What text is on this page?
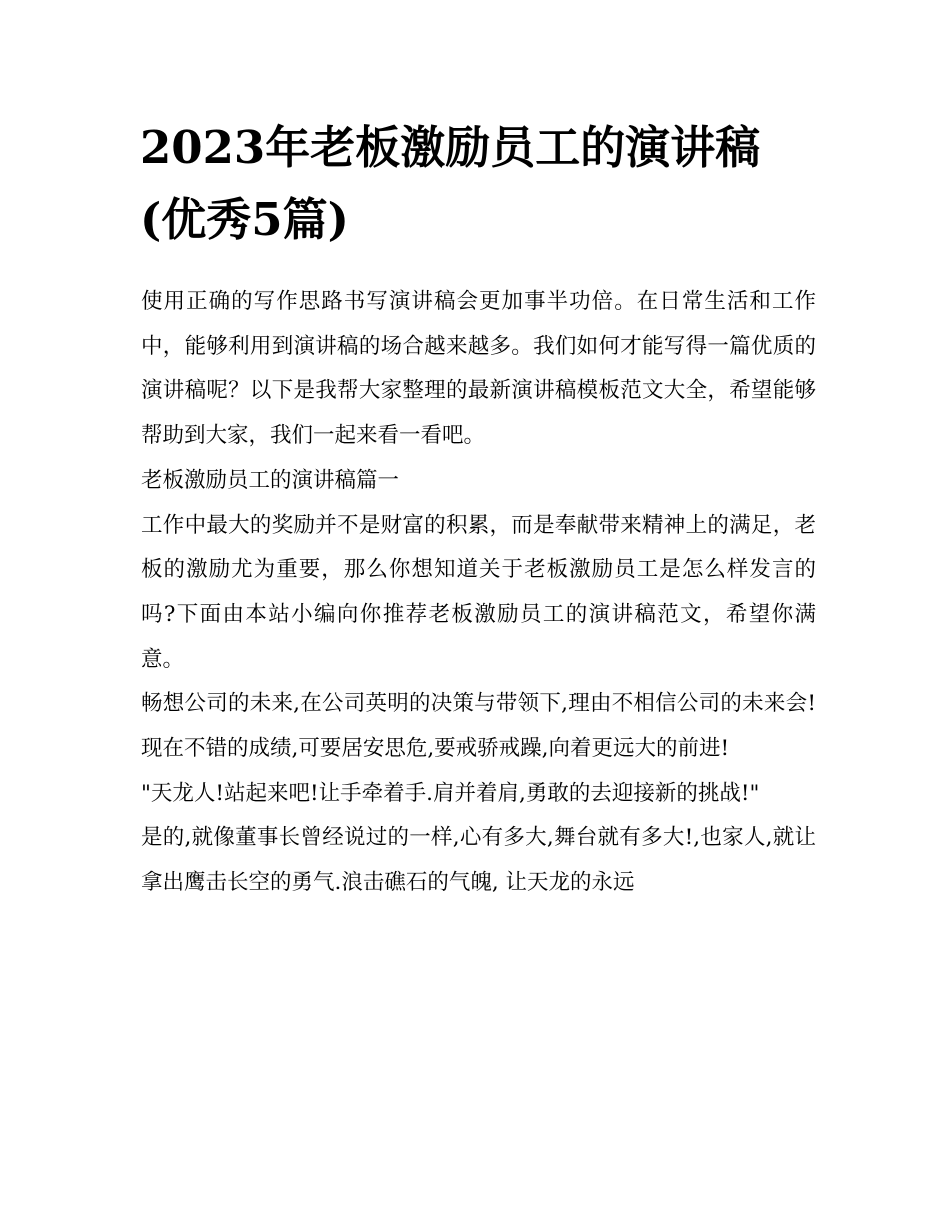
2023年老板激励员工的演讲稿
(优秀5篇)

使用正确的写作思路书写演讲稿会更加事半功倍。在日常生活和工作中，能够利用到演讲稿的场合越来越多。我们如何才能写得一篇优质的演讲稿呢？以下是我帮大家整理的最新演讲稿模板范文大全，希望能够帮助到大家，我们一起来看一看吧。

老板激励员工的演讲稿篇一

工作中最大的奖励并不是财富的积累，而是奉献带来精神上的满足，老板的激励尤为重要，那么你想知道关于老板激励员工是怎么样发言的吗?下面由本站小编向你推荐老板激励员工的演讲稿范文，希望你满意。

畅想公司的未来,在公司英明的决策与带领下,理由不相信公司的未来会!现在不错的成绩,可要居安思危,要戒骄戒躁,向着更远大的前进!

"天龙人!站起来吧!让手牵着手.肩并着肩,勇敢的去迎接新的挑战!"

是的,就像董事长曾经说过的一样,心有多大,舞台就有多大!,也家人,就让拿出鹰击长空的勇气.浪击礁石的气魄, 让天龙的永远
